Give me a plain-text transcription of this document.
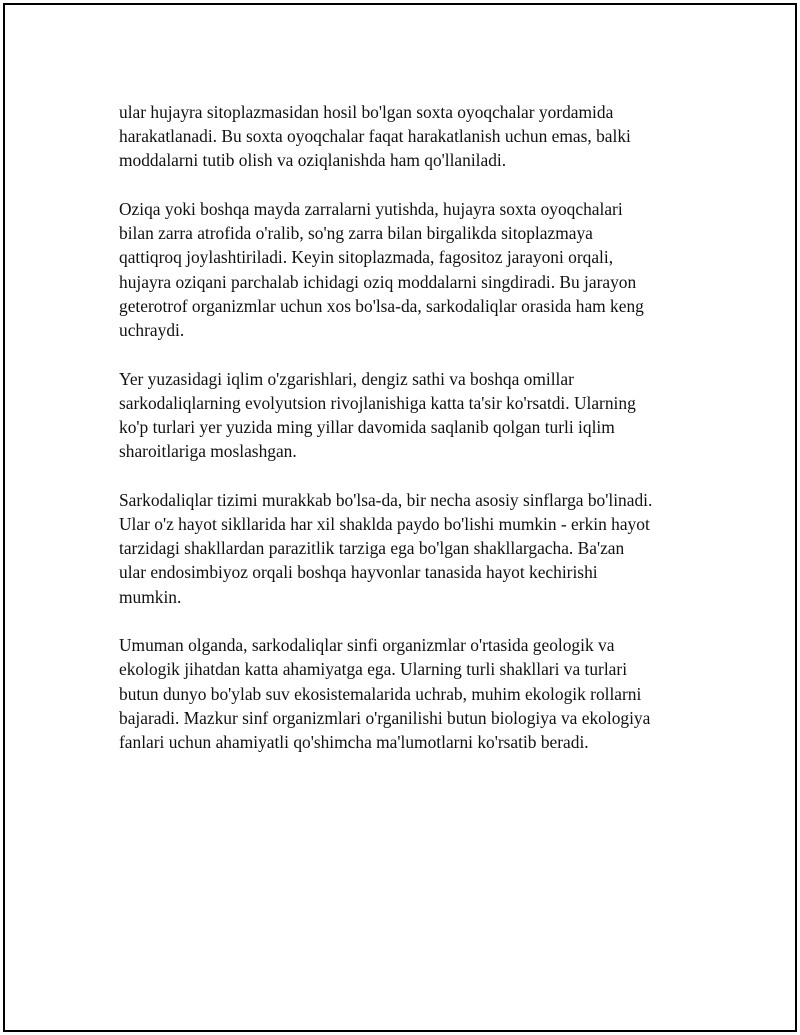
ular hujayra sitoplazmasidan hosil bo'lgan soxta oyoqchalar yordamida
harakatlanadi. Bu soxta oyoqchalar faqat harakatlanish uchun emas, balki
moddalarni tutib olish va oziqlanishda ham qo'llaniladi.

Oziqa yoki boshqa mayda zarralarni yutishda, hujayra soxta oyoqchalari
bilan zarra atrofida o'ralib, so'ng zarra bilan birgalikda sitoplazmaya
qattiqroq joylashtiriladi. Keyin sitoplazmada, fagositoz jarayoni orqali,
hujayra oziqani parchalab ichidagi oziq moddalarni singdiradi. Bu jarayon
geterotrof organizmlar uchun xos bo'lsa-da, sarkodaliqlar orasida ham keng
uchraydi.

Yer yuzasidagi iqlim o'zgarishlari, dengiz sathi va boshqa omillar
sarkodaliqlarning evolyutsion rivojlanishiga katta ta'sir ko'rsatdi. Ularning
ko'p turlari yer yuzida ming yillar davomida saqlanib qolgan turli iqlim
sharoitlariga moslashgan.

Sarkodaliqlar tizimi murakkab bo'lsa-da, bir necha asosiy sinflarga bo'linadi.
Ular o'z hayot sikllarida har xil shaklda paydo bo'lishi mumkin - erkin hayot
tarzidagi shakllardan parazitlik tarziga ega bo'lgan shakllargacha. Ba'zan
ular endosimbiyoz orqali boshqa hayvonlar tanasida hayot kechirishi
mumkin.

Umuman olganda, sarkodaliqlar sinfi organizmlar o'rtasida geologik va
ekologik jihatdan katta ahamiyatga ega. Ularning turli shakllari va turlari
butun dunyo bo'ylab suv ekosistemalarida uchrab, muhim ekologik rollarni
bajaradi. Mazkur sinf organizmlari o'rganilishi butun biologiya va ekologiya
fanlari uchun ahamiyatli qo'shimcha ma'lumotlarni ko'rsatib beradi.
